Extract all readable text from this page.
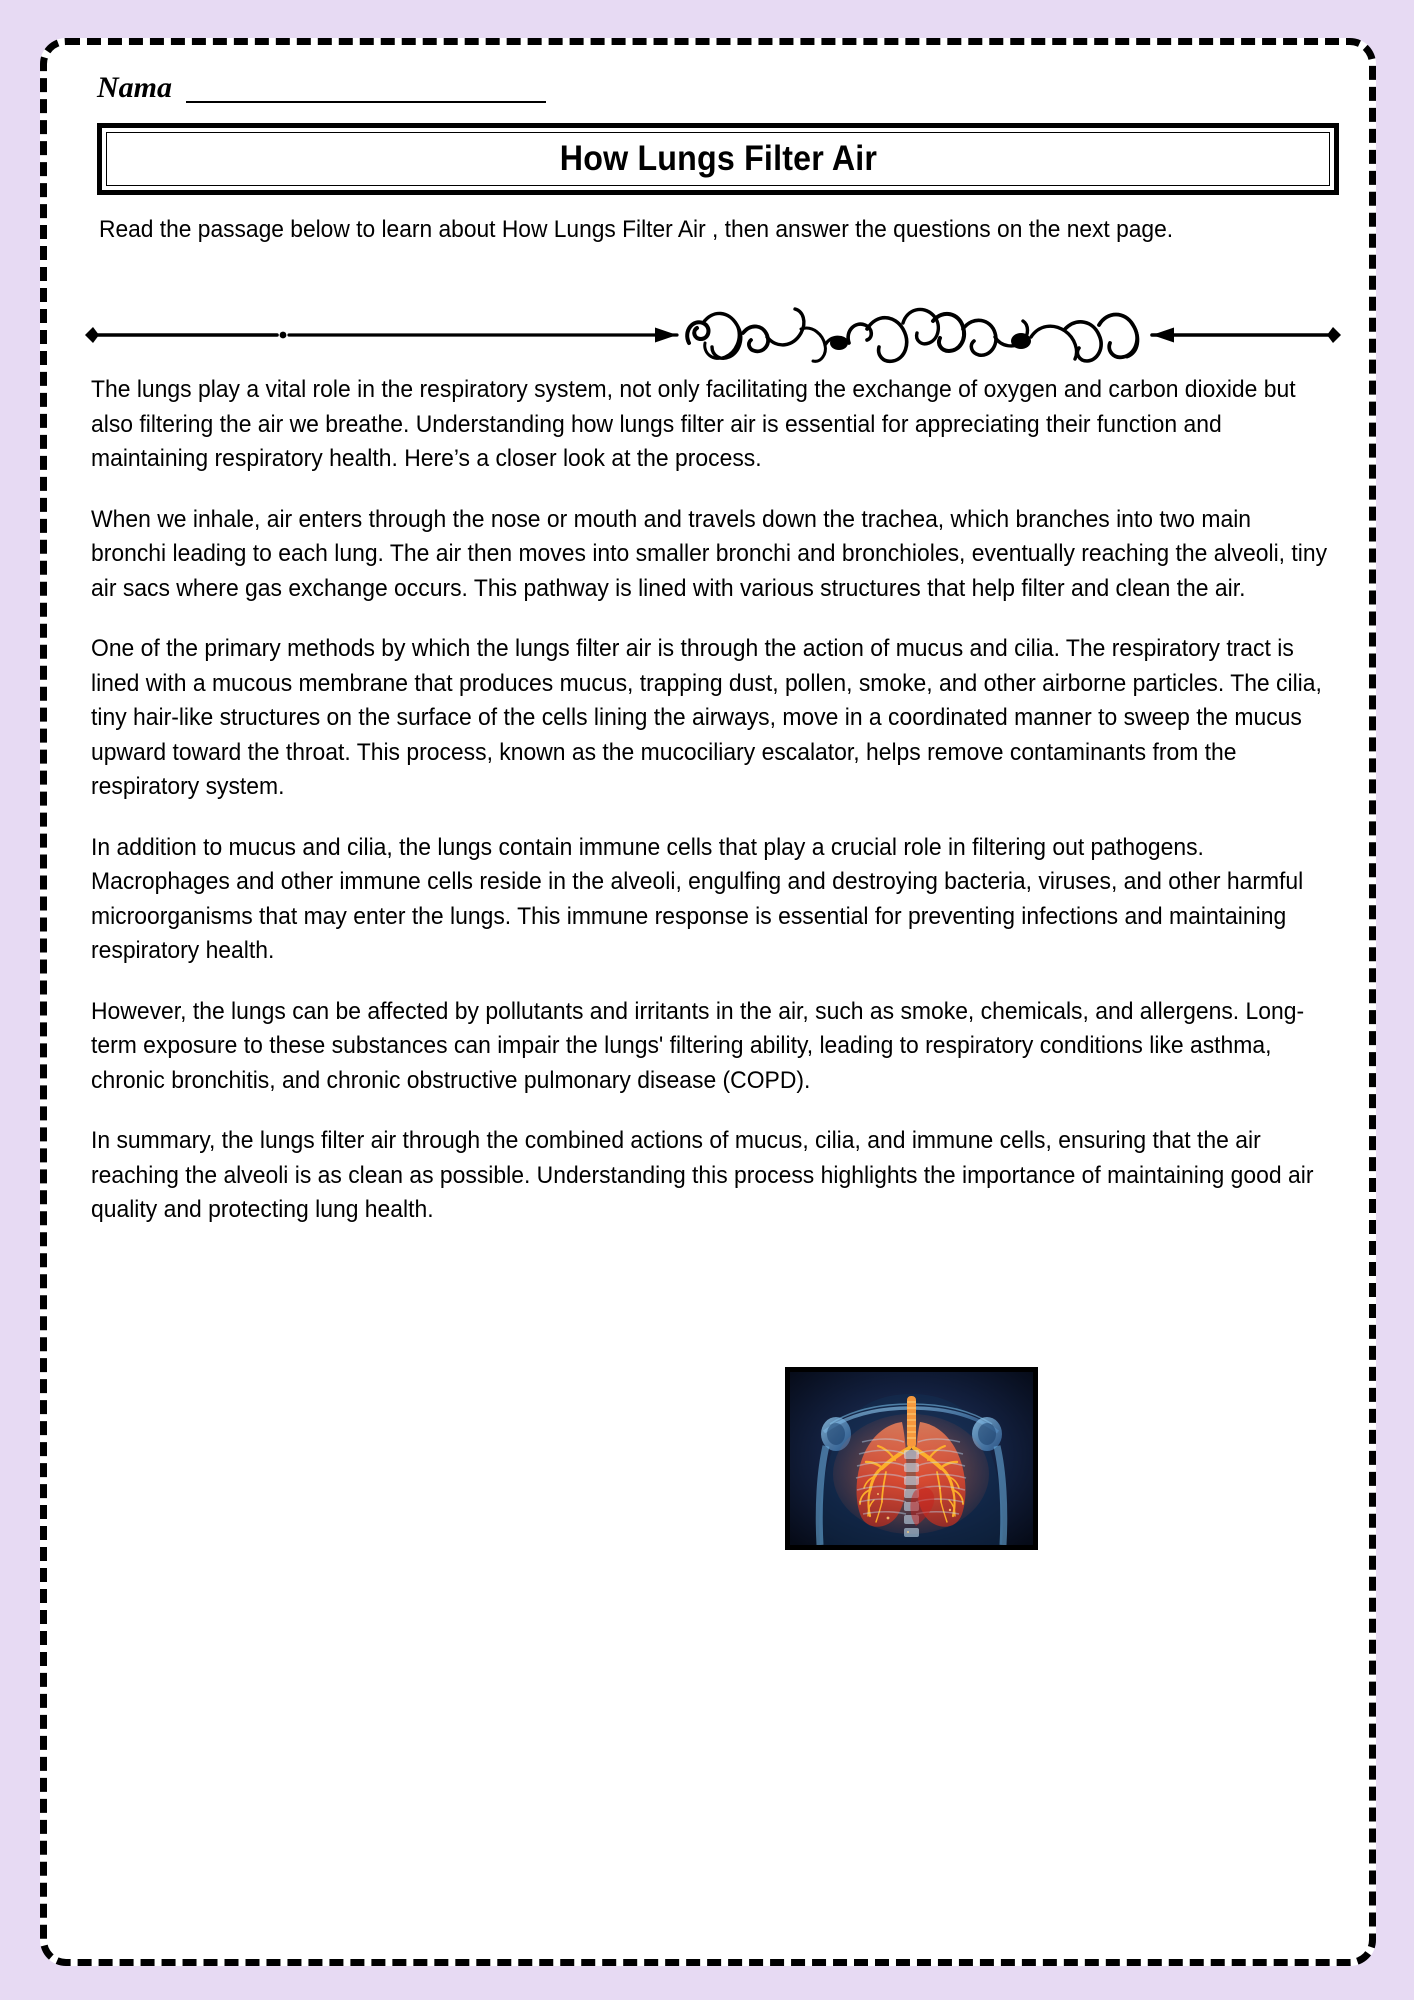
Nama
How Lungs Filter Air
Read the passage below to learn about How Lungs Filter Air , then answer the questions on the next page.

The lungs play a vital role in the respiratory system, not only facilitating the exchange of oxygen and carbon dioxide but also filtering the air we breathe. Understanding how lungs filter air is essential for appreciating their function and maintaining respiratory health. Here’s a closer look at the process.

When we inhale, air enters through the nose or mouth and travels down the trachea, which branches into two main bronchi leading to each lung. The air then moves into smaller bronchi and bronchioles, eventually reaching the alveoli, tiny air sacs where gas exchange occurs. This pathway is lined with various structures that help filter and clean the air.

One of the primary methods by which the lungs filter air is through the action of mucus and cilia. The respiratory tract is lined with a mucous membrane that produces mucus, trapping dust, pollen, smoke, and other airborne particles. The cilia, tiny hair-like structures on the surface of the cells lining the airways, move in a coordinated manner to sweep the mucus upward toward the throat. This process, known as the mucociliary escalator, helps remove contaminants from the respiratory system.

In addition to mucus and cilia, the lungs contain immune cells that play a crucial role in filtering out pathogens. Macrophages and other immune cells reside in the alveoli, engulfing and destroying bacteria, viruses, and other harmful microorganisms that may enter the lungs. This immune response is essential for preventing infections and maintaining respiratory health.

However, the lungs can be affected by pollutants and irritants in the air, such as smoke, chemicals, and allergens. Long-term exposure to these substances can impair the lungs' filtering ability, leading to respiratory conditions like asthma, chronic bronchitis, and chronic obstructive pulmonary disease (COPD).

In summary, the lungs filter air through the combined actions of mucus, cilia, and immune cells, ensuring that the air reaching the alveoli is as clean as possible. Understanding this process highlights the importance of maintaining good air quality and protecting lung health.
